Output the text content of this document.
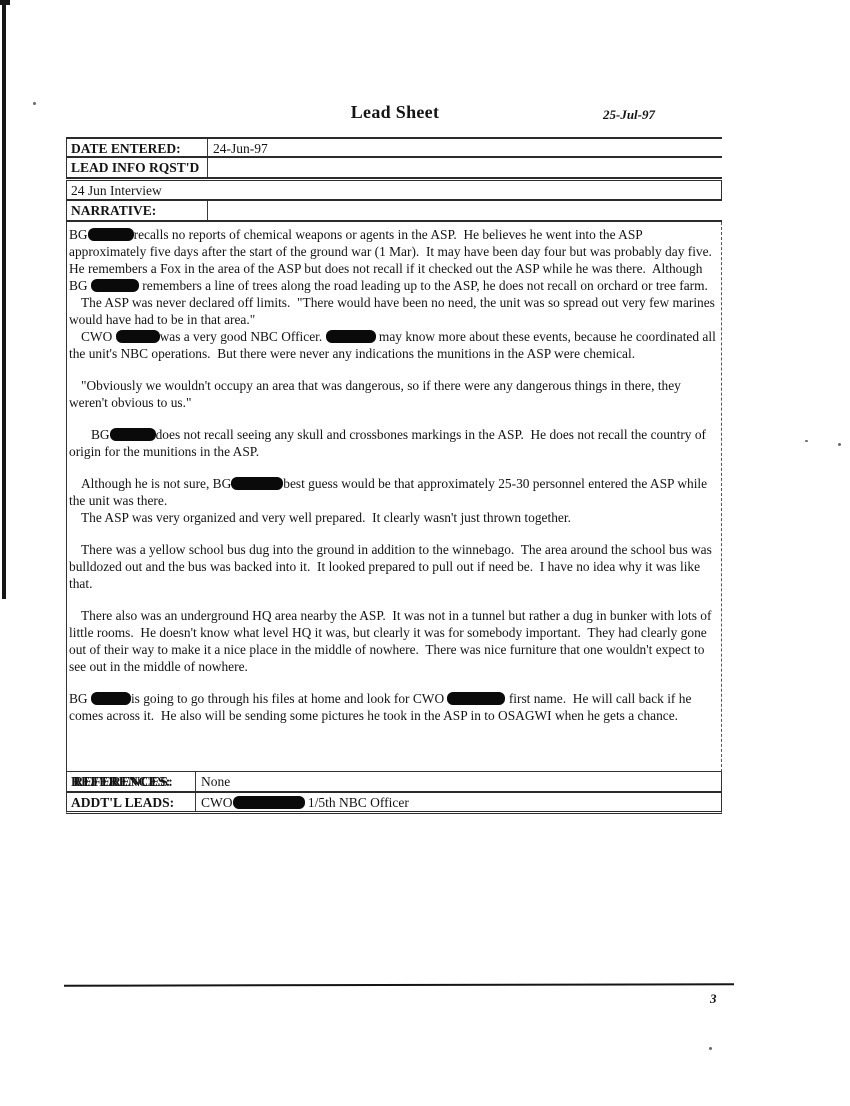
Lead Sheet	25-Jul-97
DATE ENTERED:	24-Jun-97
LEAD INFO RQST'D
24 Jun Interview
NARRATIVE:

BG	recalls no reports of chemical weapons or agents in the ASP.  He believes he went into the ASP approximately five days after the start of the ground war (1 Mar).  It may have been day four but was probably day five.  He remembers a Fox in the area of the ASP but does not recall if it checked out the ASP while he was there.  Although BG	remembers a line of trees along the road leading up to the ASP, he does not recall on orchard or tree farm.

The ASP was never declared off limits.  "There would have been no need, the unit was so spread out very few marines would have had to be in that area."

CWO	was a very good NBC Officer.	may know more about these events, because he coordinated all the unit's NBC operations.  But there were never any indications the munitions in the ASP were chemical.

"Obviously we wouldn't occupy an area that was dangerous, so if there were any dangerous things in there, they weren't obvious to us."

BG	does not recall seeing any skull and crossbones markings in the ASP.  He does not recall the country of origin for the munitions in the ASP.

Although he is not sure, BG	best guess would be that approximately 25-30 personnel entered the ASP while the unit was there.

The ASP was very organized and very well prepared.  It clearly wasn't just thrown together.

There was a yellow school bus dug into the ground in addition to the winnebago.  The area around the school bus was bulldozed out and the bus was backed into it.  It looked prepared to pull out if need be.  I have no idea why it was like that.

There also was an underground HQ area nearby the ASP.  It was not in a tunnel but rather a dug in bunker with lots of little rooms.  He doesn't know what level HQ it was, but clearly it was for somebody important.  They had clearly gone out of their way to make it a nice place in the middle of nowhere.  There was nice furniture that one wouldn't expect to see out in the middle of nowhere.

BG	is going to go through his files at home and look for CWO	first name.  He will call back if he comes across it.  He also will be sending some pictures he took in the ASP in to OSAGWI when he gets a chance.

REFERENCES:	None
ADDT'L LEADS:	CWO	1/5th NBC Officer
3
